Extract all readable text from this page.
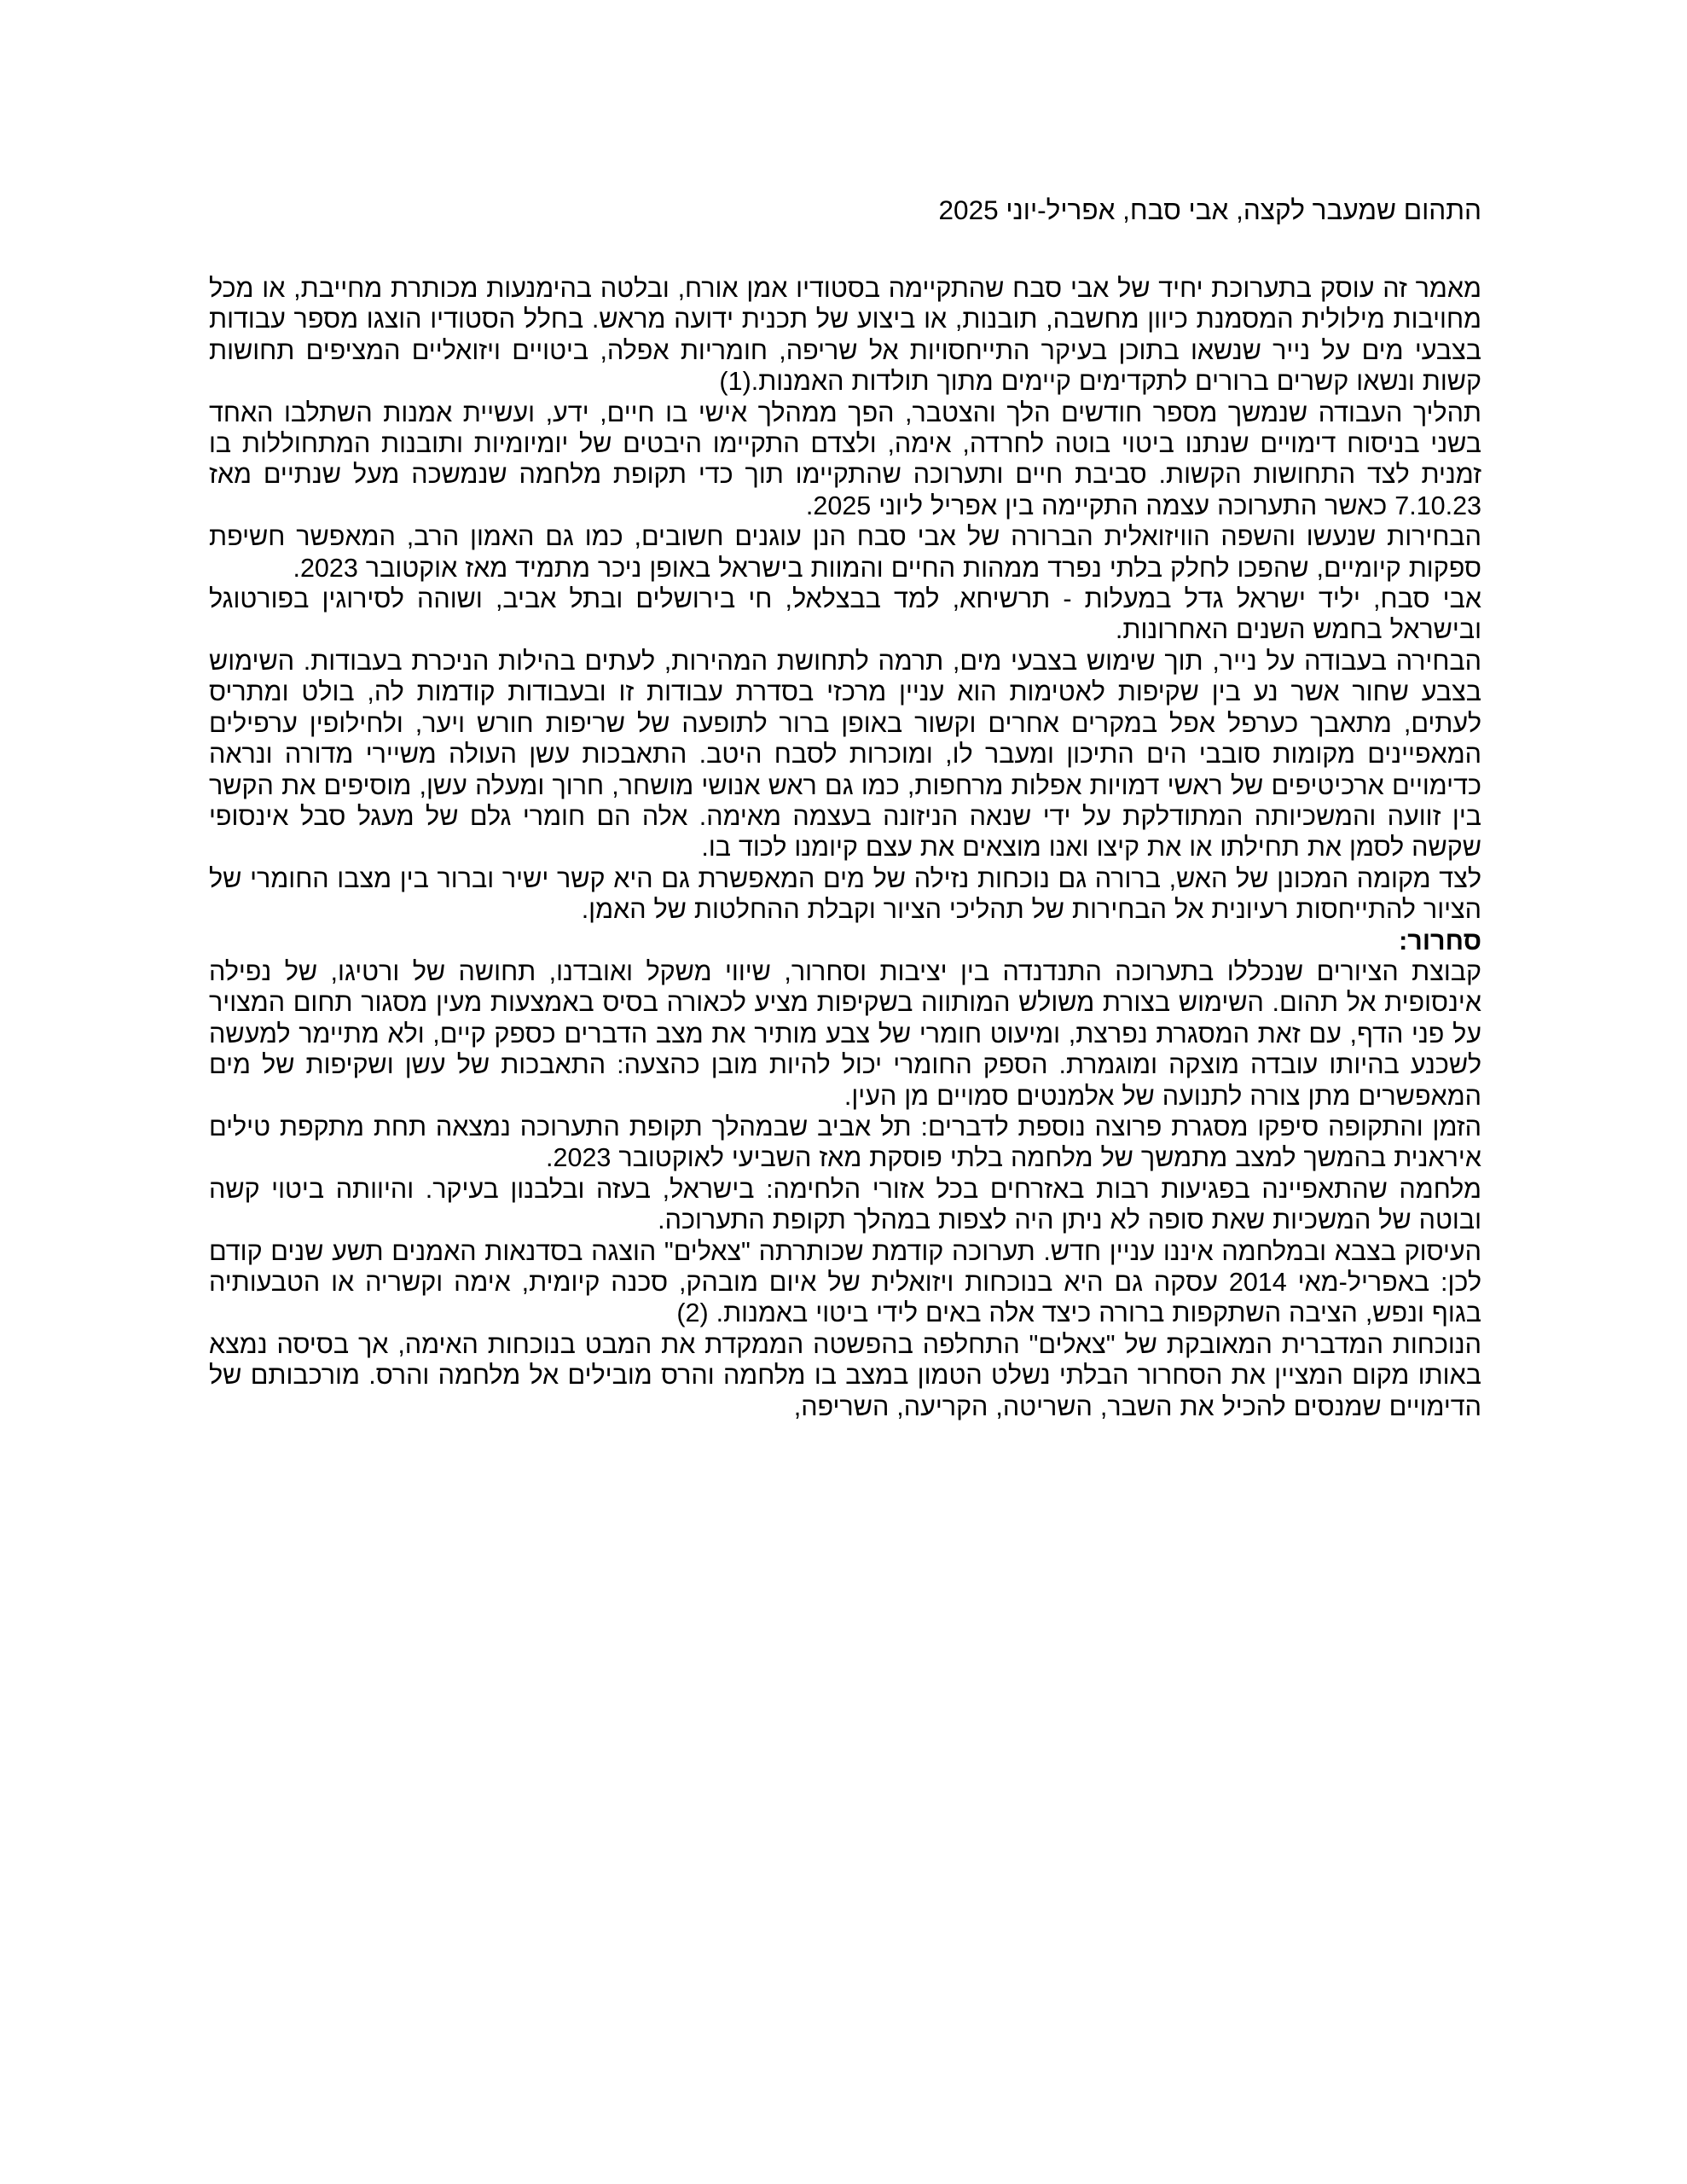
התהום שמעבר לקצה, אבי סבח, אפריל-יוני 2025

מאמר זה עוסק בתערוכת יחיד של אבי סבח שהתקיימה בסטודיו אמן אורח, ובלטה בהימנעות מכותרת מחייבת, או מכל מחויבות מילולית המסמנת כיוון מחשבה, תובנות, או ביצוע של תכנית ידועה מראש. בחלל הסטודיו הוצגו מספר עבודות בצבעי מים על נייר שנשאו בתוכן בעיקר התייחסויות אל שריפה, חומריות אפלה, ביטויים ויזואליים המציפים תחושות קשות ונשאו קשרים ברורים לתקדימים קיימים מתוך תולדות האמנות.(1)

תהליך העבודה שנמשך מספר חודשים הלך והצטבר, הפך ממהלך אישי בו חיים, ידע, ועשיית אמנות השתלבו האחד בשני בניסוח דימויים שנתנו ביטוי בוטה לחרדה, אימה, ולצדם התקיימו היבטים של יומיומיות ותובנות המתחוללות בו זמנית לצד התחושות הקשות. סביבת חיים ותערוכה שהתקיימו תוך כדי תקופת מלחמה שנמשכה מעל שנתיים מאז 7.10.23 כאשר התערוכה עצמה התקיימה בין אפריל ליוני 2025.

הבחירות שנעשו והשפה הוויזואלית הברורה של אבי סבח הנן עוגנים חשובים, כמו גם האמון הרב, המאפשר חשיפת ספקות קיומיים, שהפכו לחלק בלתי נפרד ממהות החיים והמוות בישראל באופן ניכר מתמיד מאז אוקטובר 2023.

אבי סבח, יליד ישראל גדל במעלות - תרשיחא, למד בבצלאל, חי בירושלים ובתל אביב, ושוהה לסירוגין בפורטוגל ובישראל בחמש השנים האחרונות.

הבחירה בעבודה על נייר, תוך שימוש בצבעי מים, תרמה לתחושת המהירות, לעתים בהילות הניכרת בעבודות. השימוש בצבע שחור אשר נע בין שקיפות לאטימות הוא עניין מרכזי בסדרת עבודות זו ובעבודות קודמות לה, בולט ומתריס לעתים, מתאבך כערפל אפל במקרים אחרים וקשור באופן ברור לתופעה של שריפות חורש ויער, ולחילופין ערפילים המאפיינים מקומות סובבי הים התיכון ומעבר לו, ומוכרות לסבח היטב. התאבכות עשן העולה משיירי מדורה ונראה כדימויים ארכיטיפים של ראשי דמויות אפלות מרחפות, כמו גם ראש אנושי מושחר, חרוך ומעלה עשן, מוסיפים את הקשר בין זוועה והמשכיותה המתודלקת על ידי שנאה הניזונה בעצמה מאימה. אלה הם חומרי גלם של מעגל סבל אינסופי שקשה לסמן את תחילתו או את קיצו ואנו מוצאים את עצם קיומנו לכוד בו.

לצד מקומה המכונן של האש, ברורה גם נוכחות נזילה של מים המאפשרת גם היא קשר ישיר וברור בין מצבו החומרי של הציור להתייחסות רעיונית אל הבחירות של תהליכי הציור וקבלת ההחלטות של האמן.

סחרור:

קבוצת הציורים שנכללו בתערוכה התנדנדה בין יציבות וסחרור, שיווי משקל ואובדנו, תחושה של ורטיגו, של נפילה אינסופית אל תהום. השימוש בצורת משולש המותווה בשקיפות מציע לכאורה בסיס באמצעות מעין מסגור תחום המצויר על פני הדף, עם זאת המסגרת נפרצת, ומיעוט חומרי של צבע מותיר את מצב הדברים כספק קיים, ולא מתיימר למעשה לשכנע בהיותו עובדה מוצקה ומוגמרת. הספק החומרי יכול להיות מובן כהצעה: התאבכות של עשן ושקיפות של מים המאפשרים מתן צורה לתנועה של אלמנטים סמויים מן העין.

הזמן והתקופה סיפקו מסגרת פרוצה נוספת לדברים: תל אביב שבמהלך תקופת התערוכה נמצאה תחת מתקפת טילים איראנית בהמשך למצב מתמשך של מלחמה בלתי פוסקת מאז השביעי לאוקטובר 2023.

מלחמה שהתאפיינה בפגיעות רבות באזרחים בכל אזורי הלחימה: בישראל, בעזה ובלבנון בעיקר. והיוותה ביטוי קשה ובוטה של המשכיות שאת סופה לא ניתן היה לצפות במהלך תקופת התערוכה.

העיסוק בצבא ובמלחמה איננו עניין חדש. תערוכה קודמת שכותרתה "צאלים" הוצגה בסדנאות האמנים תשע שנים קודם לכן: באפריל-מאי 2014 עסקה גם היא בנוכחות ויזואלית של איום מובהק, סכנה קיומית, אימה וקשריה או הטבעותיה בגוף ונפש, הציבה השתקפות ברורה כיצד אלה באים לידי ביטוי באמנות. (2)

הנוכחות המדברית המאובקת של "צאלים" התחלפה בהפשטה הממקדת את המבט בנוכחות האימה, אך בסיסה נמצא באותו מקום המציין את הסחרור הבלתי נשלט הטמון במצב בו מלחמה והרס מובילים אל מלחמה והרס. מורכבותם של הדימויים שמנסים להכיל את השבר, השריטה, הקריעה, השריפה,
